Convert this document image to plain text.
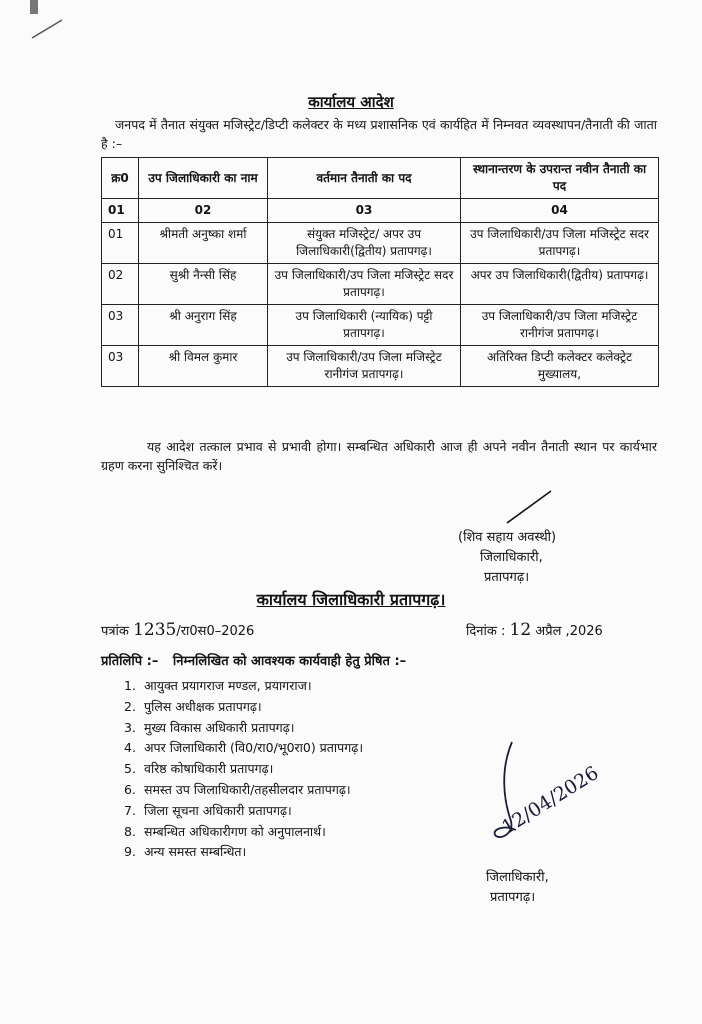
कार्यालय आदेश
जनपद में तैनात संयुक्त मजिस्ट्रेट/डिप्टी कलेक्टर के मध्य प्रशासनिक एवं कार्यहित में निम्नवत व्यवस्थापन/तैनाती की जाता है :–
क्र0	उप जिलाधिकारी का नाम	वर्तमान तैनाती का पद	स्थानान्तरण के उपरान्त नवीन तैनाती का पद
01	02	03	04
01	श्रीमती अनुष्का शर्मा	संयुक्त मजिस्ट्रेट/ अपर उप जिलाधिकारी(द्वितीय) प्रतापगढ़।	उप जिलाधिकारी/उप जिला मजिस्ट्रेट सदर प्रतापगढ़।
02	सुश्री नैन्सी सिंह	उप जिलाधिकारी/उप जिला मजिस्ट्रेट सदर प्रतापगढ़।	अपर उप जिलाधिकारी(द्वितीय) प्रतापगढ़।
03	श्री अनुराग सिंह	उप जिलाधिकारी (न्यायिक) पट्टी प्रतापगढ़।	उप जिलाधिकारी/उप जिला मजिस्ट्रेट रानीगंज प्रतापगढ़।
03	श्री विमल कुमार	उप जिलाधिकारी/उप जिला मजिस्ट्रेट रानीगंज प्रतापगढ़।	अतिरिक्त डिप्टी कलेक्टर कलेक्ट्रेट मुख्यालय,
यह आदेश तत्काल प्रभाव से प्रभावी होगा। सम्बन्धित अधिकारी आज ही अपने नवीन तैनाती स्थान पर कार्यभार ग्रहण करना सुनिश्चित करें।
(शिव सहाय अवस्थी)
जिलाधिकारी,
प्रतापगढ़।
कार्यालय जिलाधिकारी प्रतापगढ़।
पत्रांक 1235/रा0स0–2026	दिनांक : 12 अप्रैल ,2026
प्रतिलिपि :– निम्नलिखित को आवश्यक कार्यवाही हेतु प्रेषित :–
1. आयुक्त प्रयागराज मण्डल, प्रयागराज।
2. पुलिस अधीक्षक प्रतापगढ़।
3. मुख्य विकास अधिकारी प्रतापगढ़।
4. अपर जिलाधिकारी (वि0/रा0/भू0रा0) प्रतापगढ़।
5. वरिष्ठ कोषाधिकारी प्रतापगढ़।
6. समस्त उप जिलाधिकारी/तहसीलदार प्रतापगढ़।
7. जिला सूचना अधिकारी प्रतापगढ़।
8. सम्बन्धित अधिकारीगण को अनुपालनार्थ।
9. अन्य समस्त सम्बन्धित।
12/04/2026
जिलाधिकारी,
प्रतापगढ़।
